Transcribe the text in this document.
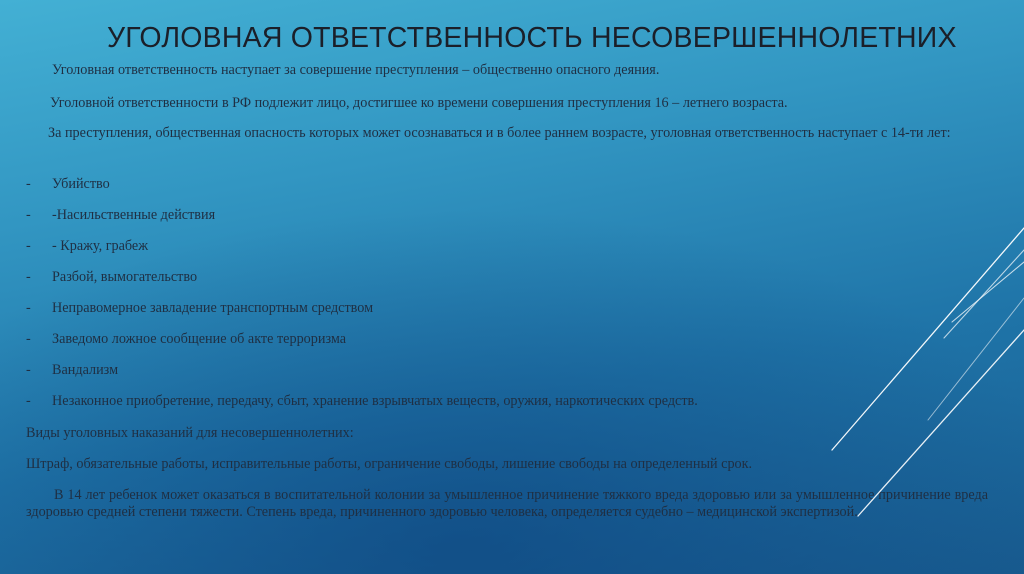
УГОЛОВНАЯ ОТВЕТСТВЕННОСТЬ НЕСОВЕРШЕННОЛЕТНИХ

Уголовная ответственность наступает за совершение преступления – общественно опасного деяния.

Уголовной ответственности в РФ подлежит лицо, достигшее ко времени совершения преступления 16 – летнего возраста.

За преступления, общественная опасность которых может осознаваться и в более раннем возрасте, уголовная ответственность наступает с 14-ти лет:

- Убийство
- -Насильственные действия
- - Кражу, грабеж
- Разбой, вымогательство
- Неправомерное завладение транспортным средством
- Заведомо ложное сообщение об акте терроризма
- Вандализм
- Незаконное приобретение, передачу, сбыт, хранение взрывчатых веществ, оружия, наркотических средств.

Виды уголовных наказаний для несовершеннолетних:

Штраф, обязательные работы, исправительные работы, ограничение свободы, лишение свободы на определенный срок.

В 14 лет ребенок может оказаться в воспитательной колонии за умышленное причинение тяжкого вреда здоровью или за умышленное причинение вреда здоровью средней степени тяжести. Степень вреда, причиненного здоровью человека, определяется судебно – медицинской экспертизой.
